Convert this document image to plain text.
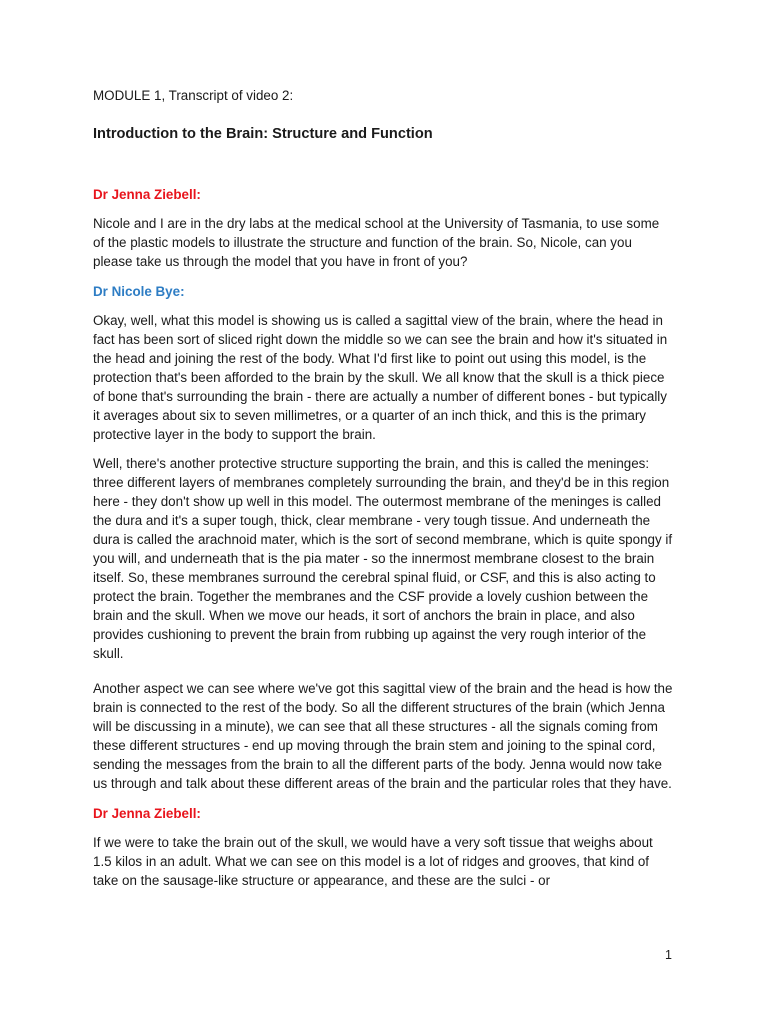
MODULE 1, Transcript of video 2:

Introduction to the Brain: Structure and Function

Dr Jenna Ziebell:

Nicole and I are in the dry labs at the medical school at the University of Tasmania, to use some of the plastic models to illustrate the structure and function of the brain. So, Nicole, can you please take us through the model that you have in front of you?

Dr Nicole Bye:

Okay, well, what this model is showing us is called a sagittal view of the brain, where the head in fact has been sort of sliced right down the middle so we can see the brain and how it's situated in the head and joining the rest of the body. What I'd first like to point out using this model, is the protection that's been afforded to the brain by the skull. We all know that the skull is a thick piece of bone that's surrounding the brain - there are actually a number of different bones - but typically it averages about six to seven millimetres, or a quarter of an inch thick, and this is the primary protective layer in the body to support the brain.

Well, there's another protective structure supporting the brain, and this is called the meninges: three different layers of membranes completely surrounding the brain, and they'd be in this region here - they don't show up well in this model. The outermost membrane of the meninges is called the dura and it's a super tough, thick, clear membrane - very tough tissue. And underneath the dura is called the arachnoid mater, which is the sort of second membrane, which is quite spongy if you will, and underneath that is the pia mater - so the innermost membrane closest to the brain itself. So, these membranes surround the cerebral spinal fluid, or CSF, and this is also acting to protect the brain. Together the membranes and the CSF provide a lovely cushion between the brain and the skull. When we move our heads, it sort of anchors the brain in place, and also provides cushioning to prevent the brain from rubbing up against the very rough interior of the skull.

Another aspect we can see where we've got this sagittal view of the brain and the head is how the brain is connected to the rest of the body. So all the different structures of the brain (which Jenna will be discussing in a minute), we can see that all these structures - all the signals coming from these different structures - end up moving through the brain stem and joining to the spinal cord, sending the messages from the brain to all the different parts of the body. Jenna would now take us through and talk about these different areas of the brain and the particular roles that they have.

Dr Jenna Ziebell:

If we were to take the brain out of the skull, we would have a very soft tissue that weighs about 1.5 kilos in an adult. What we can see on this model is a lot of ridges and grooves, that kind of take on the sausage-like structure or appearance, and these are the sulci - or

1
